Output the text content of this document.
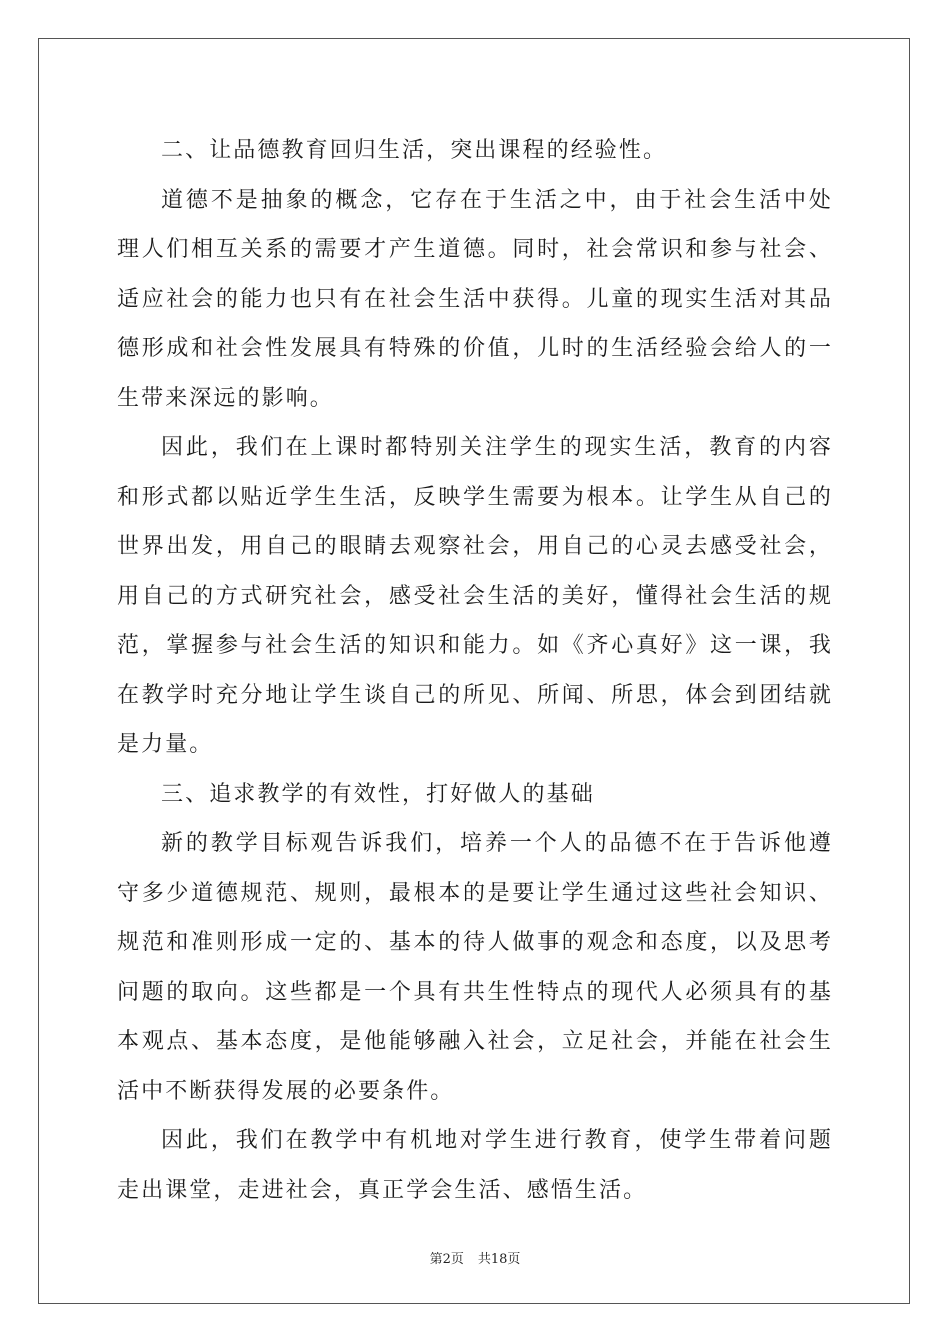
二、让品德教育回归生活，突出课程的经验性。

道德不是抽象的概念，它存在于生活之中，由于社会生活中处理人们相互关系的需要才产生道德。同时，社会常识和参与社会、适应社会的能力也只有在社会生活中获得。儿童的现实生活对其品德形成和社会性发展具有特殊的价值，儿时的生活经验会给人的一生带来深远的影响。

因此，我们在上课时都特别关注学生的现实生活，教育的内容和形式都以贴近学生生活，反映学生需要为根本。让学生从自己的世界出发，用自己的眼睛去观察社会，用自己的心灵去感受社会，用自己的方式研究社会，感受社会生活的美好，懂得社会生活的规范，掌握参与社会生活的知识和能力。如《齐心真好》这一课，我在教学时充分地让学生谈自己的所见、所闻、所思，体会到团结就是力量。

三、追求教学的有效性，打好做人的基础

新的教学目标观告诉我们，培养一个人的品德不在于告诉他遵守多少道德规范、规则，最根本的是要让学生通过这些社会知识、规范和准则形成一定的、基本的待人做事的观念和态度，以及思考问题的取向。这些都是一个具有共生性特点的现代人必须具有的基本观点、基本态度，是他能够融入社会，立足社会，并能在社会生活中不断获得发展的必要条件。

因此，我们在教学中有机地对学生进行教育，使学生带着问题走出课堂，走进社会，真正学会生活、感悟生活。

第2页 共18页
